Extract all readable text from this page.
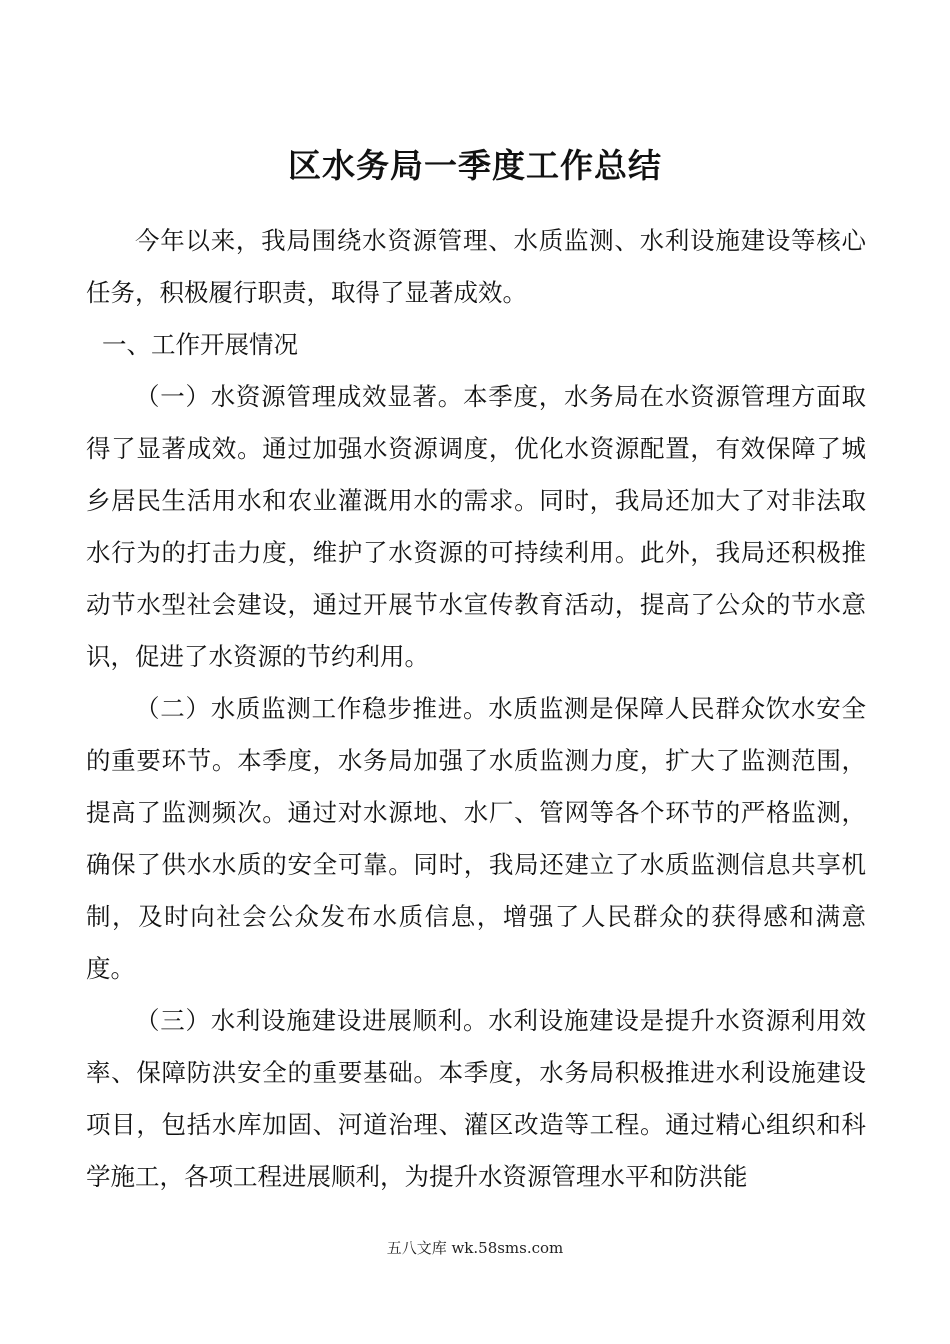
区水务局一季度工作总结

今年以来，我局围绕水资源管理、水质监测、水利设施建设等核心任务，积极履行职责，取得了显著成效。

一、工作开展情况

（一）水资源管理成效显著。本季度，水务局在水资源管理方面取得了显著成效。通过加强水资源调度，优化水资源配置，有效保障了城乡居民生活用水和农业灌溉用水的需求。同时，我局还加大了对非法取水行为的打击力度，维护了水资源的可持续利用。此外，我局还积极推动节水型社会建设，通过开展节水宣传教育活动，提高了公众的节水意识，促进了水资源的节约利用。

（二）水质监测工作稳步推进。水质监测是保障人民群众饮水安全的重要环节。本季度，水务局加强了水质监测力度，扩大了监测范围，提高了监测频次。通过对水源地、水厂、管网等各个环节的严格监测，确保了供水水质的安全可靠。同时，我局还建立了水质监测信息共享机制，及时向社会公众发布水质信息，增强了人民群众的获得感和满意度。

（三）水利设施建设进展顺利。水利设施建设是提升水资源利用效率、保障防洪安全的重要基础。本季度，水务局积极推进水利设施建设项目，包括水库加固、河道治理、灌区改造等工程。通过精心组织和科学施工，各项工程进展顺利，为提升水资源管理水平和防洪能

五八文库 wk.58sms.com
